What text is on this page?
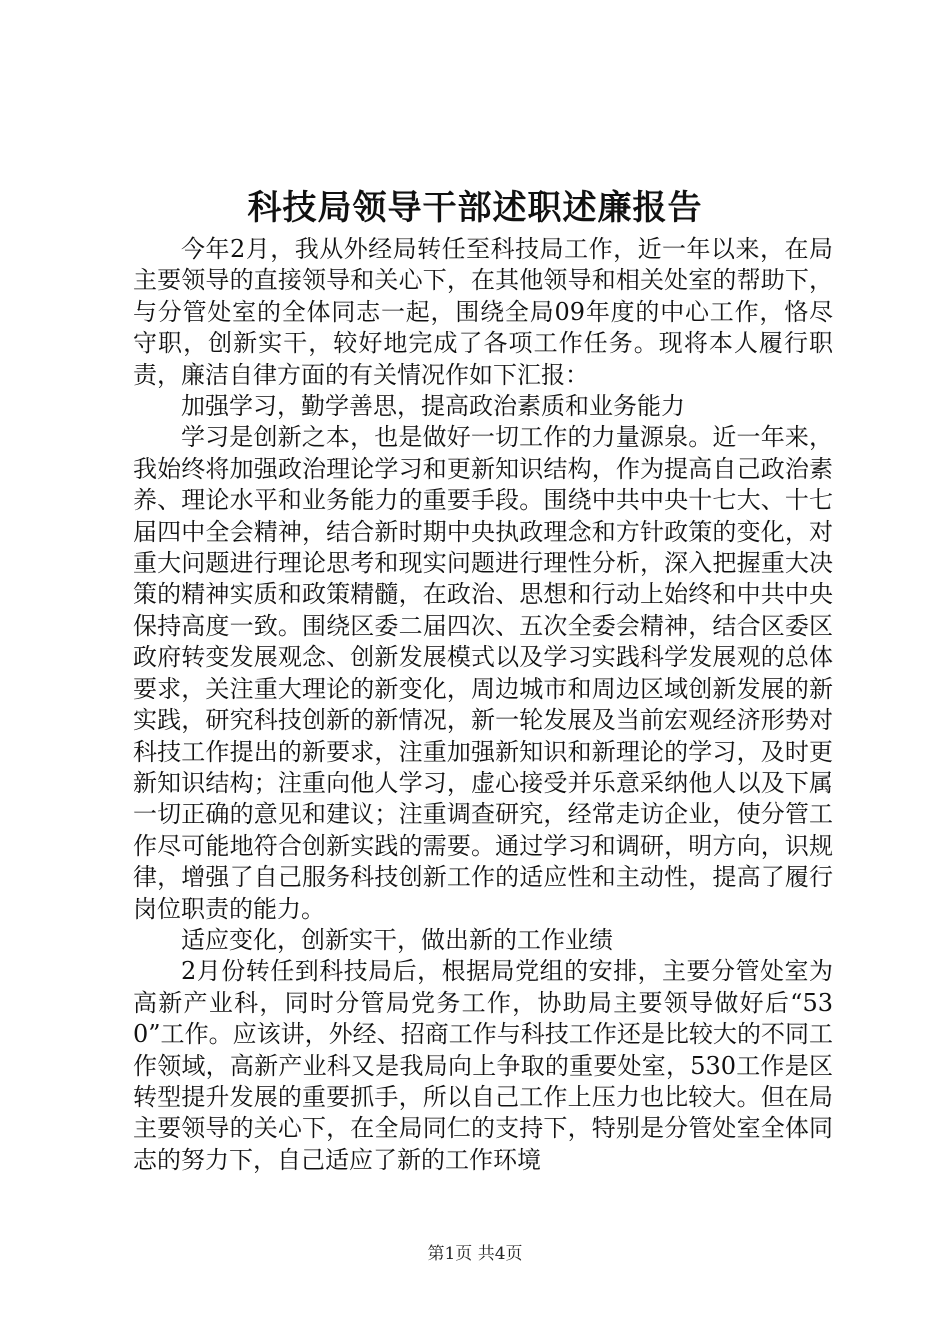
科技局领导干部述职述廉报告

今年2月，我从外经局转任至科技局工作，近一年以来，在局主要领导的直接领导和关心下，在其他领导和相关处室的帮助下，与分管处室的全体同志一起，围绕全局09年度的中心工作，恪尽守职，创新实干，较好地完成了各项工作任务。现将本人履行职责，廉洁自律方面的有关情况作如下汇报：

加强学习，勤学善思，提高政治素质和业务能力

学习是创新之本，也是做好一切工作的力量源泉。近一年来，我始终将加强政治理论学习和更新知识结构，作为提高自己政治素养、理论水平和业务能力的重要手段。围绕中共中央十七大、十七届四中全会精神，结合新时期中央执政理念和方针政策的变化，对重大问题进行理论思考和现实问题进行理性分析，深入把握重大决策的精神实质和政策精髓，在政治、思想和行动上始终和中共中央保持高度一致。围绕区委二届四次、五次全委会精神，结合区委区政府转变发展观念、创新发展模式以及学习实践科学发展观的总体要求，关注重大理论的新变化，周边城市和周边区域创新发展的新实践，研究科技创新的新情况，新一轮发展及当前宏观经济形势对科技工作提出的新要求，注重加强新知识和新理论的学习，及时更新知识结构；注重向他人学习，虚心接受并乐意采纳他人以及下属一切正确的意见和建议；注重调查研究，经常走访企业，使分管工作尽可能地符合创新实践的需要。通过学习和调研，明方向，识规律，增强了自己服务科技创新工作的适应性和主动性，提高了履行岗位职责的能力。

适应变化，创新实干，做出新的工作业绩

2月份转任到科技局后，根据局党组的安排，主要分管处室为高新产业科，同时分管局党务工作，协助局主要领导做好后“530”工作。应该讲，外经、招商工作与科技工作还是比较大的不同工作领域，高新产业科又是我局向上争取的重要处室，530工作是区转型提升发展的重要抓手，所以自己工作上压力也比较大。但在局主要领导的关心下，在全局同仁的支持下，特别是分管处室全体同志的努力下，自己适应了新的工作环境

第1页 共4页
